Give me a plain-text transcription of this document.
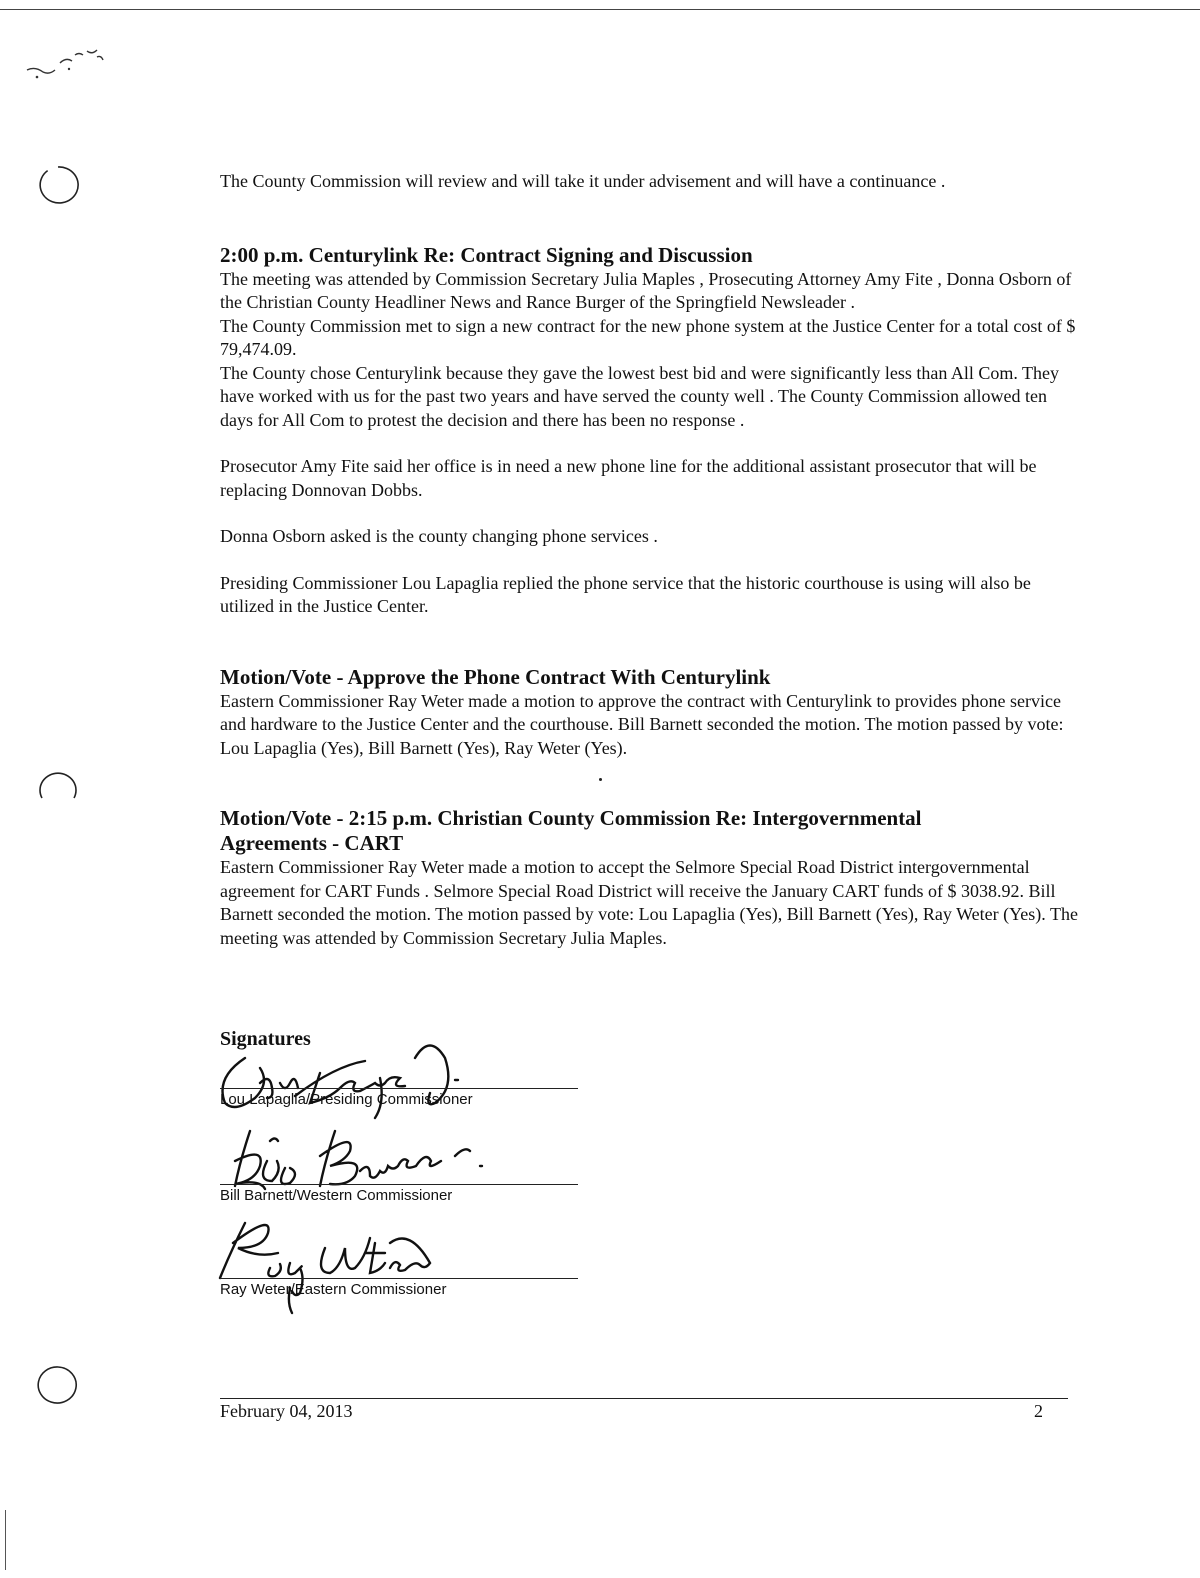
The County Commission will review and will take it under advisement and will have a continuance .

2:00 p.m. Centurylink Re: Contract Signing and Discussion

The meeting was attended by Commission Secretary Julia Maples , Prosecuting Attorney Amy Fite , Donna Osborn of the Christian County Headliner News and Rance Burger of the Springfield Newsleader .

The County Commission met to sign a new contract for the new phone system at the Justice Center for a total cost of $ 79,474.09.

The County chose Centurylink because they gave the lowest best bid and were significantly less than All Com. They have worked with us for the past two years and have served the county well . The County Commission allowed ten days for All Com to protest the decision and there has been no response .

Prosecutor Amy Fite said her office is in need a new phone line for the additional assistant prosecutor that will be replacing Donnovan Dobbs.

Donna Osborn asked is the county changing phone services .

Presiding Commissioner Lou Lapaglia replied the phone service that the historic courthouse is using will also be utilized in the Justice Center.

Motion/Vote - Approve the Phone Contract With Centurylink

Eastern Commissioner Ray Weter made a motion to approve the contract with Centurylink to provides phone service and hardware to the Justice Center and the courthouse. Bill Barnett seconded the motion. The motion passed by vote: Lou Lapaglia (Yes), Bill Barnett (Yes), Ray Weter (Yes).

Motion/Vote - 2:15 p.m. Christian County Commission Re: Intergovernmental Agreements - CART

Eastern Commissioner Ray Weter made a motion to accept the Selmore Special Road District intergovernmental agreement for CART Funds . Selmore Special Road District will receive the January CART funds of $ 3038.92. Bill Barnett seconded the motion. The motion passed by vote: Lou Lapaglia (Yes), Bill Barnett (Yes), Ray Weter (Yes). The meeting was attended by Commission Secretary Julia Maples.

Signatures
Lou Lapaglia/Presiding Commissioner
Bill Barnett/Western Commissioner
Ray Weter/Eastern Commissioner
February 04, 2013	2
